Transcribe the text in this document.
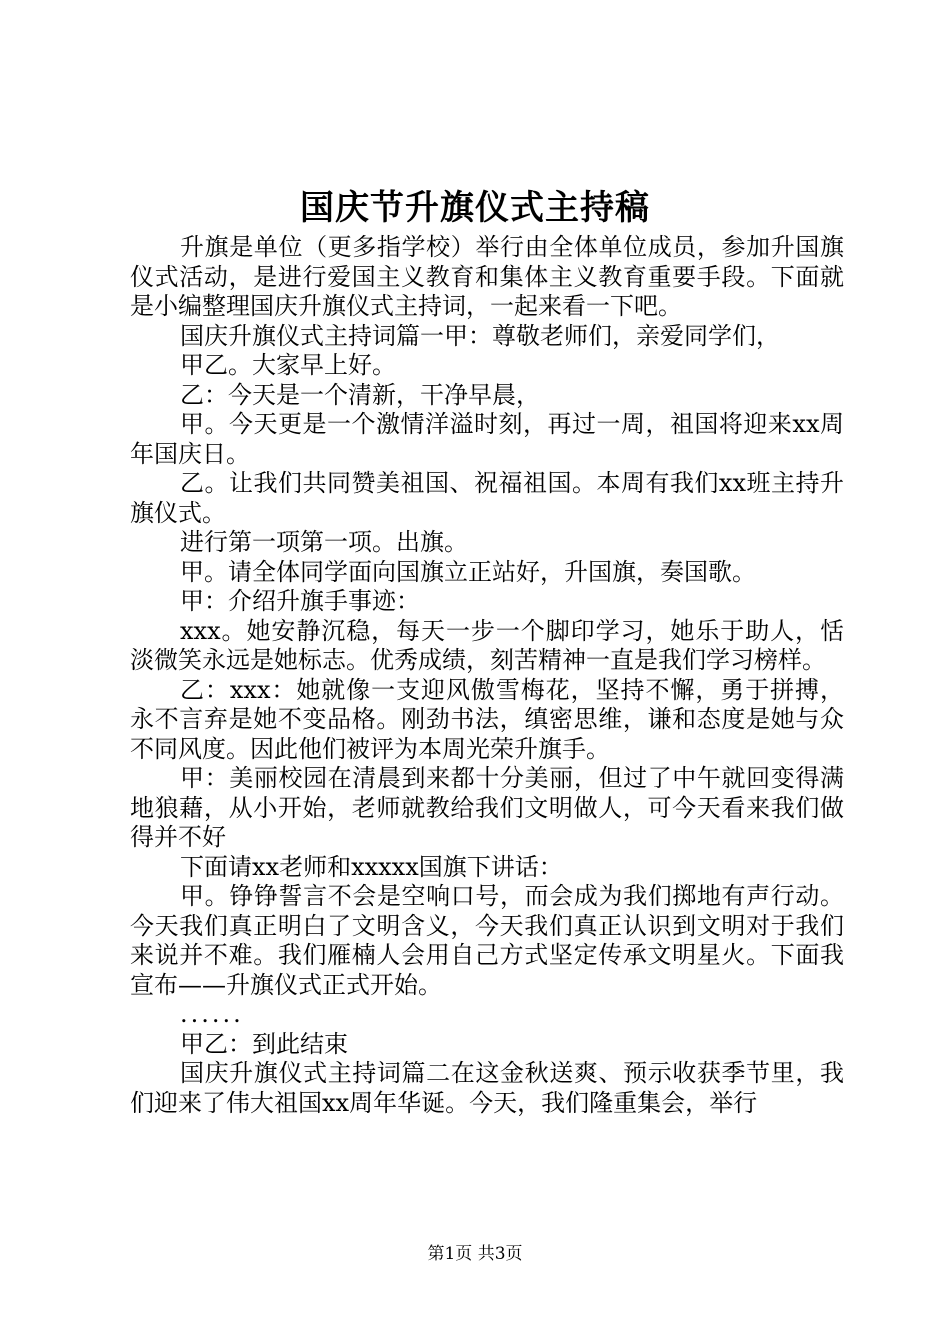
国庆节升旗仪式主持稿

升旗是单位（更多指学校）举行由全体单位成员，参加升国旗仪式活动，是进行爱国主义教育和集体主义教育重要手段。下面就是小编整理国庆升旗仪式主持词，一起来看一下吧。

国庆升旗仪式主持词篇一甲：尊敬老师们，亲爱同学们，

甲乙。大家早上好。

乙：今天是一个清新，干净早晨，

甲。今天更是一个激情洋溢时刻，再过一周，祖国将迎来xx周年国庆日。

乙。让我们共同赞美祖国、祝福祖国。本周有我们xx班主持升旗仪式。

进行第一项第一项。出旗。

甲。请全体同学面向国旗立正站好，升国旗，奏国歌。

甲：介绍升旗手事迹：

xxx。她安静沉稳，每天一步一个脚印学习，她乐于助人，恬淡微笑永远是她标志。优秀成绩，刻苦精神一直是我们学习榜样。

乙：xxx：她就像一支迎风傲雪梅花，坚持不懈，勇于拼搏，永不言弃是她不变品格。刚劲书法，缜密思维，谦和态度是她与众不同风度。因此他们被评为本周光荣升旗手。

甲：美丽校园在清晨到来都十分美丽，但过了中午就回变得满地狼藉，从小开始，老师就教给我们文明做人，可今天看来我们做得并不好

下面请xx老师和xxxxx国旗下讲话：

甲。铮铮誓言不会是空响口号，而会成为我们掷地有声行动。今天我们真正明白了文明含义，今天我们真正认识到文明对于我们来说并不难。我们雁楠人会用自己方式坚定传承文明星火。下面我宣布——升旗仪式正式开始。

......

甲乙：到此结束

国庆升旗仪式主持词篇二在这金秋送爽、预示收获季节里，我们迎来了伟大祖国xx周年华诞。今天，我们隆重集会，举行

第1页 共3页
